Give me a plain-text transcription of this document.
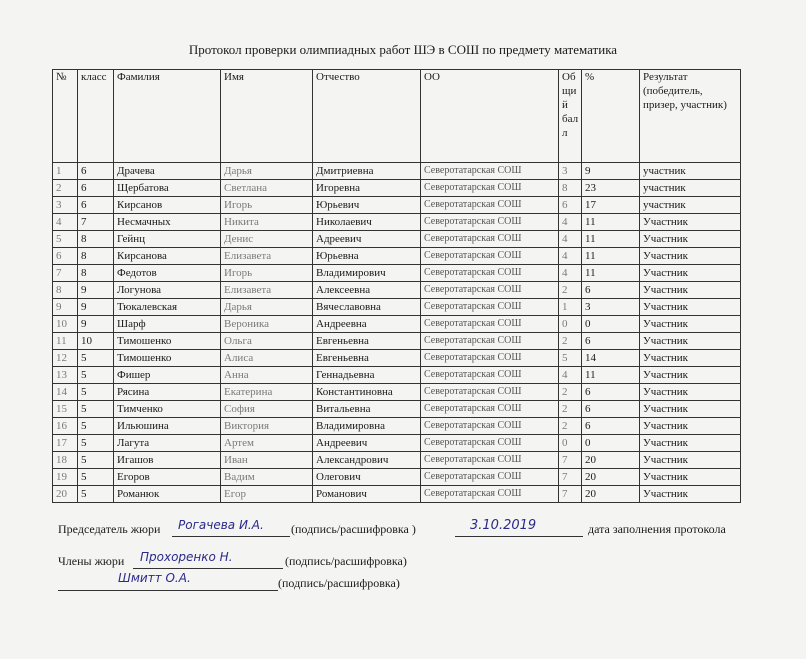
Протокол проверки олимпиадных работ ШЭ в СОШ по предмету математика
№	класс	Фамилия	Имя	Отчество	ОО	Об щи й бал л	%	Результат (победитель, призер, участник)
1	6	Драчева	Дарья	Дмитриевна	Северотатарская СОШ	3	9	участник
2	6	Щербатова	Светлана	Игоревна	Северотатарская СОШ	8	23	участник
3	6	Кирсанов	Игорь	Юрьевич	Северотатарская СОШ	6	17	участник
4	7	Несмачных	Никита	Николаевич	Северотатарская СОШ	4	11	Участник
5	8	Гейнц	Денис	Адреевич	Северотатарская СОШ	4	11	Участник
6	8	Кирсанова	Елизавета	Юрьевна	Северотатарская СОШ	4	11	Участник
7	8	Федотов	Игорь	Владимирович	Северотатарская СОШ	4	11	Участник
8	9	Логунова	Елизавета	Алексеевна	Северотатарская СОШ	2	6	Участник
9	9	Тюкалевская	Дарья	Вячеславовна	Северотатарская СОШ	1	3	Участник
10	9	Шарф	Вероника	Андреевна	Северотатарская СОШ	0	0	Участник
11	10	Тимошенко	Ольга	Евгеньевна	Северотатарская СОШ	2	6	Участник
12	5	Тимошенко	Алиса	Евгеньевна	Северотатарская СОШ	5	14	Участник
13	5	Фишер	Анна	Геннадьевна	Северотатарская СОШ	4	11	Участник
14	5	Рясина	Екатерина	Константиновна	Северотатарская СОШ	2	6	Участник
15	5	Тимченко	София	Витальевна	Северотатарская СОШ	2	6	Участник
16	5	Ильюшина	Виктория	Владимировна	Северотатарская СОШ	2	6	Участник
17	5	Лагута	Артем	Андреевич	Северотатарская СОШ	0	0	Участник
18	5	Игашов	Иван	Александрович	Северотатарская СОШ	7	20	Участник
19	5	Егоров	Вадим	Олегович	Северотатарская СОШ	7	20	Участник
20	5	Романюк	Егор	Романович	Северотатарская СОШ	7	20	Участник
Председатель жюри Рогачева И.А. (подпись/расшифровка )	3.10.2019	дата заполнения протокола
Члены жюри Прохоренко Н.	(подпись/расшифровка)
Шмитт О.А.	(подпись/расшифровка)
